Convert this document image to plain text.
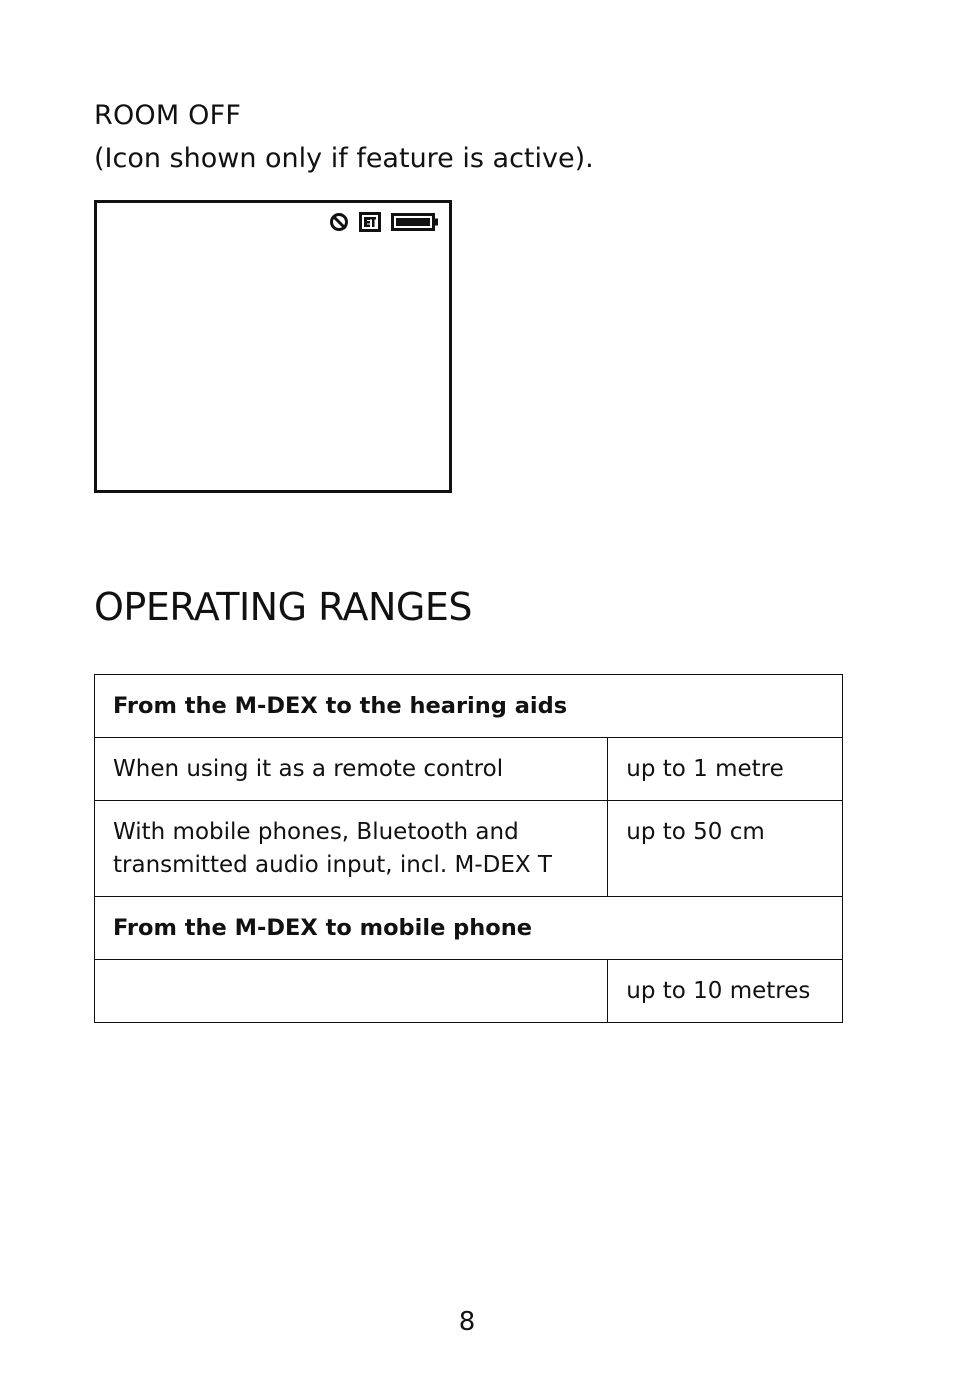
ROOM OFF

(Icon shown only if feature is active).

OPERATING RANGES
From the M-DEX to the hearing aids	
When using it as a remote control	up to 1 metre
With mobile phones, Bluetooth and
transmitted audio input, incl. M-DEX T	up to 50 cm
From the M-DEX to mobile phone	
	up to 10 metres
8
